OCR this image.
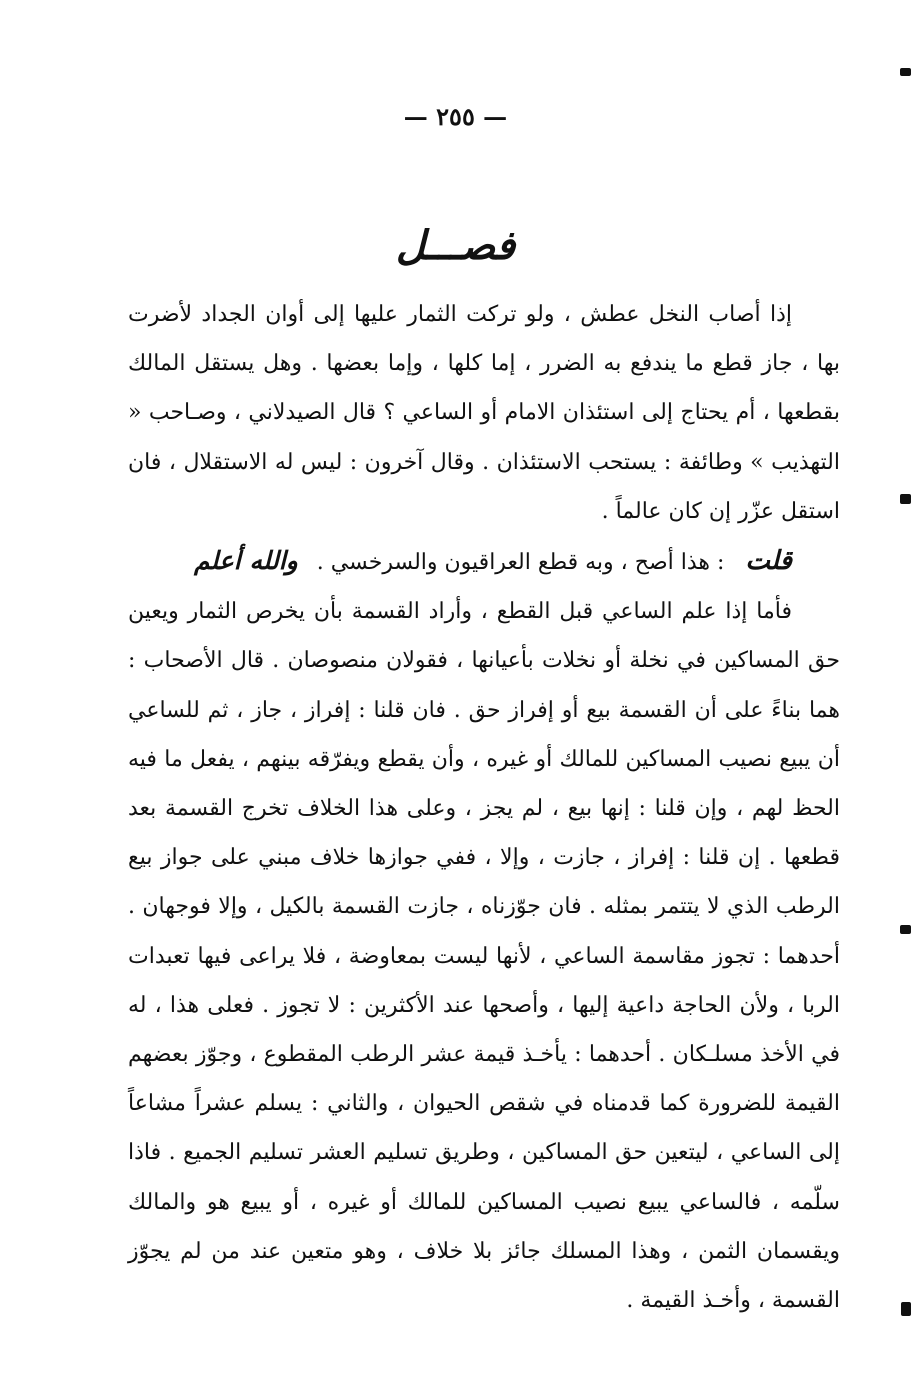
— ٢٥٥ —
فصـــل

إذا أصاب النخل عطش ، ولو تركت الثمار عليها إلى أوان الجداد لأضرت بها ، جاز قطع ما يندفع به الضرر ، إما كلها ، وإما بعضها . وهل يستقل المالك بقطعها ، أم يحتاج إلى استئذان الامام أو الساعي ؟ قال الصيدلاني ، وصـاحب « التهذيب » وطائفة : يستحب الاستئذان . وقال آخرون : ليس له الاستقلال ، فان استقل عزّر إن كان عالماً .

قلت : هذا أصح ، وبه قطع العراقيون والسرخسي . والله أعلم

فأما إذا علم الساعي قبل القطع ، وأراد القسمة بأن يخرص الثمار ويعين حق المساكين في نخلة أو نخلات بأعيانها ، فقولان منصوصان . قال الأصحاب : هما بناءً على أن القسمة بيع أو إفراز حق . فان قلنا : إفراز ، جاز ، ثم للساعي أن يبيع نصيب المساكين للمالك أو غيره ، وأن يقطع ويفرّقه بينهم ، يفعل ما فيه الحظ لهم ، وإن قلنا : إنها بيع ، لم يجز ، وعلى هذا الخلاف تخرج القسمة بعد قطعها . إن قلنا : إفراز ، جازت ، وإلا ، ففي جوازها خلاف مبني على جواز بيع الرطب الذي لا يتتمر بمثله . فان جوّزناه ، جازت القسمة بالكيل ، وإلا فوجهان . أحدهما : تجوز مقاسمة الساعي ، لأنها ليست بمعاوضة ، فلا يراعى فيها تعبدات الربا ، ولأن الحاجة داعية إليها ، وأصحها عند الأكثرين : لا تجوز . فعلى هذا ، له في الأخذ مسلـكان . أحدهما : يأخـذ قيمة عشر الرطب المقطوع ، وجوّز بعضهم القيمة للضرورة كما قدمناه في شقص الحيوان ، والثاني : يسلم عشراً مشاعاً إلى الساعي ، ليتعين حق المساكين ، وطريق تسليم العشر تسليم الجميع . فاذا سلّمه ، فالساعي يبيع نصيب المساكين للمالك أو غيره ، أو يبيع هو والمالك ويقسمان الثمن ، وهذا المسلك جائز بلا خلاف ، وهو متعين عند من لم يجوّز القسمة ، وأخـذ القيمة .
